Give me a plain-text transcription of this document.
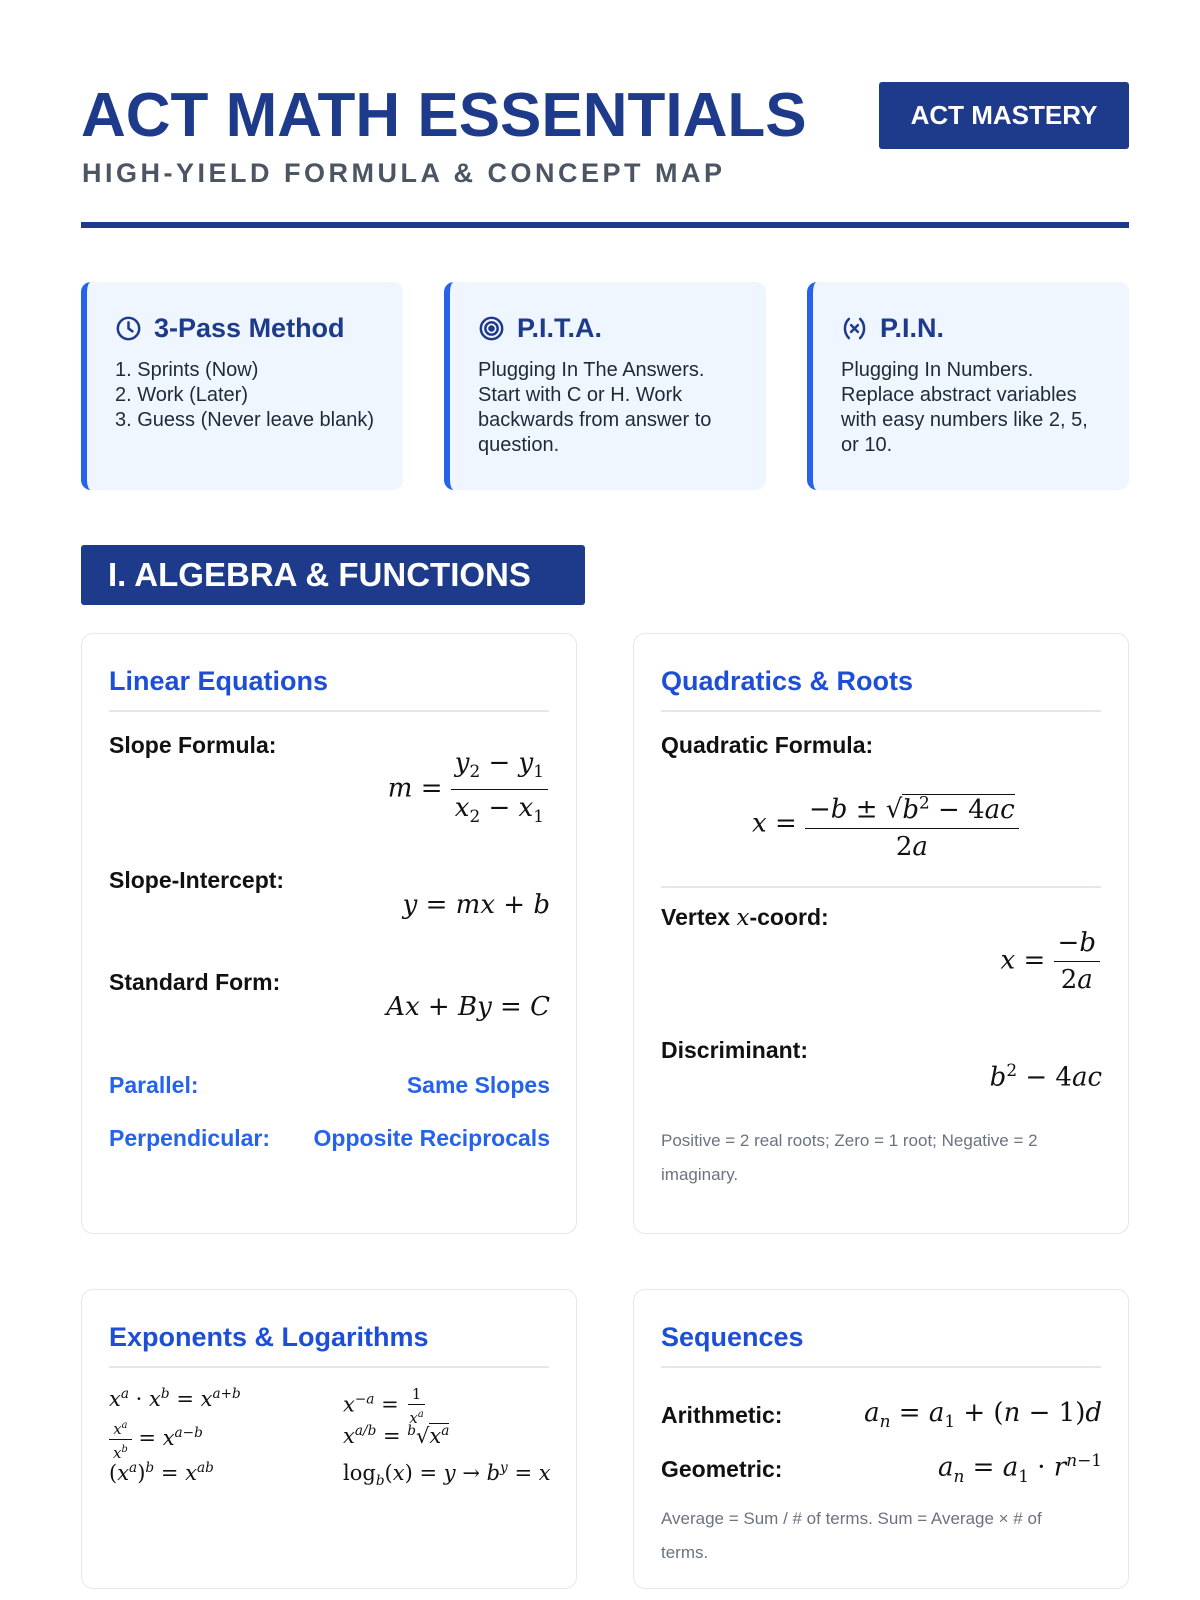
ACT MATH ESSENTIALS
HIGH-YIELD FORMULA & CONCEPT MAP
ACT MASTERY
3-Pass Method
1. Sprints (Now)
2. Work (Later)
3. Guess (Never leave blank)
P.I.T.A.
Plugging In The Answers. Start with C or H. Work backwards from answer to question.
P.I.N.
Plugging In Numbers. Replace abstract variables with easy numbers like 2, 5, or 10.
I. ALGEBRA & FUNCTIONS
Linear Equations
Slope Formula:
$m = \frac{y_2 - y_1}{x_2 - x_1}$
Slope-Intercept:
y = mx + b
Standard Form:
Ax + By = C
Parallel:	Same Slopes
Perpendicular: Opposite Reciprocals
Quadratics & Roots
Quadratic Formula:
$x = \frac{-b \pm √b^2 - 4ac}{2a}$
Vertex x-coord:
$x = \frac{-b}{2a}$
Discriminant:
$b^2 - 4ac$
Positive = 2 real roots; Zero = 1 root; Negative = 2 imaginary.
Exponents & Logarithms
$x^a \cdot x^b = x^{a+b}$
$\frac{x^a}{x^b} = x^{a-b}$
$(x^a)^b = x^{ab}$
$x^{-a} = \frac{1}{x^a}$
$x^{a/b} = ^b√x^a$
$\log_b(x) = y \to b^y = x$
Sequences
Arithmetic:	$a_n = a_1 + (n - 1)d$
Geometric:	$a_n = a_1 \cdot r^{n-1}$
Average = Sum / # of terms. Sum = Average × # of terms.
